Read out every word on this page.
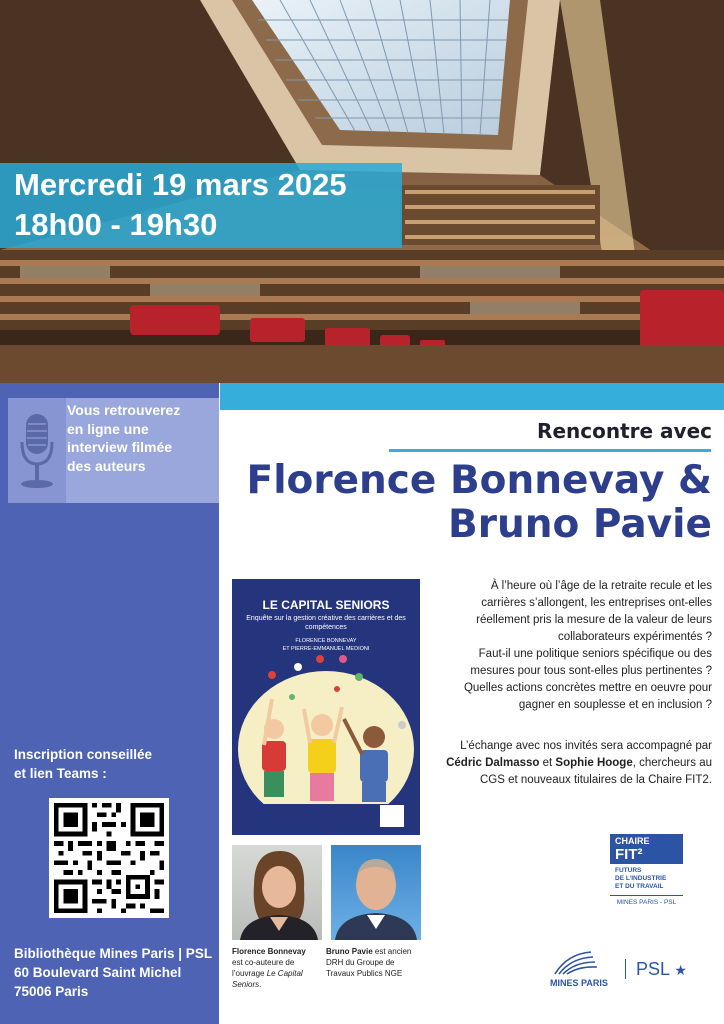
Mercredi 19 mars 2025
18h00 - 19h30
Vous retrouverez
en ligne une
interview filmée
des auteurs
Inscription conseillée
et lien Teams :
Bibliothèque Mines Paris | PSL
60 Boulevard Saint Michel
75006 Paris
Rencontre avec
Florence Bonnevay &
Bruno Pavie
À l’heure où l’âge de la retraite recule et les
carrières s’allongent, les entreprises ont-elles
réellement pris la mesure de la valeur de leurs
collaborateurs expérimentés ?
Faut-il une politique seniors spécifique ou des
mesures pour tous sont-elles plus pertinentes ?
Quelles actions concrètes mettre en oeuvre pour
gagner en souplesse et en inclusion ?
L’échange avec nos invités sera accompagné par
Cédric Dalmasso et Sophie Hooge, chercheurs au
CGS et nouveaux titulaires de la Chaire FIT2.
LE CAPITAL SENIORS
Enquête sur la gestion créative des carrières et des compétences
FLORENCE BONNEVAY
ET PIERRE-EMMANUEL MEDIONI
Florence Bonnevay
est co-auteure de
l’ouvrage Le Capital Seniors.
Bruno Pavie est ancien
DRH du Groupe de
Travaux Publics NGE
CHAIRE
FIT²
FUTURS
DE L’INDUSTRIE
ET DU TRAVAIL
MINES PARIS - PSL
MINES PARIS
PSL ★
